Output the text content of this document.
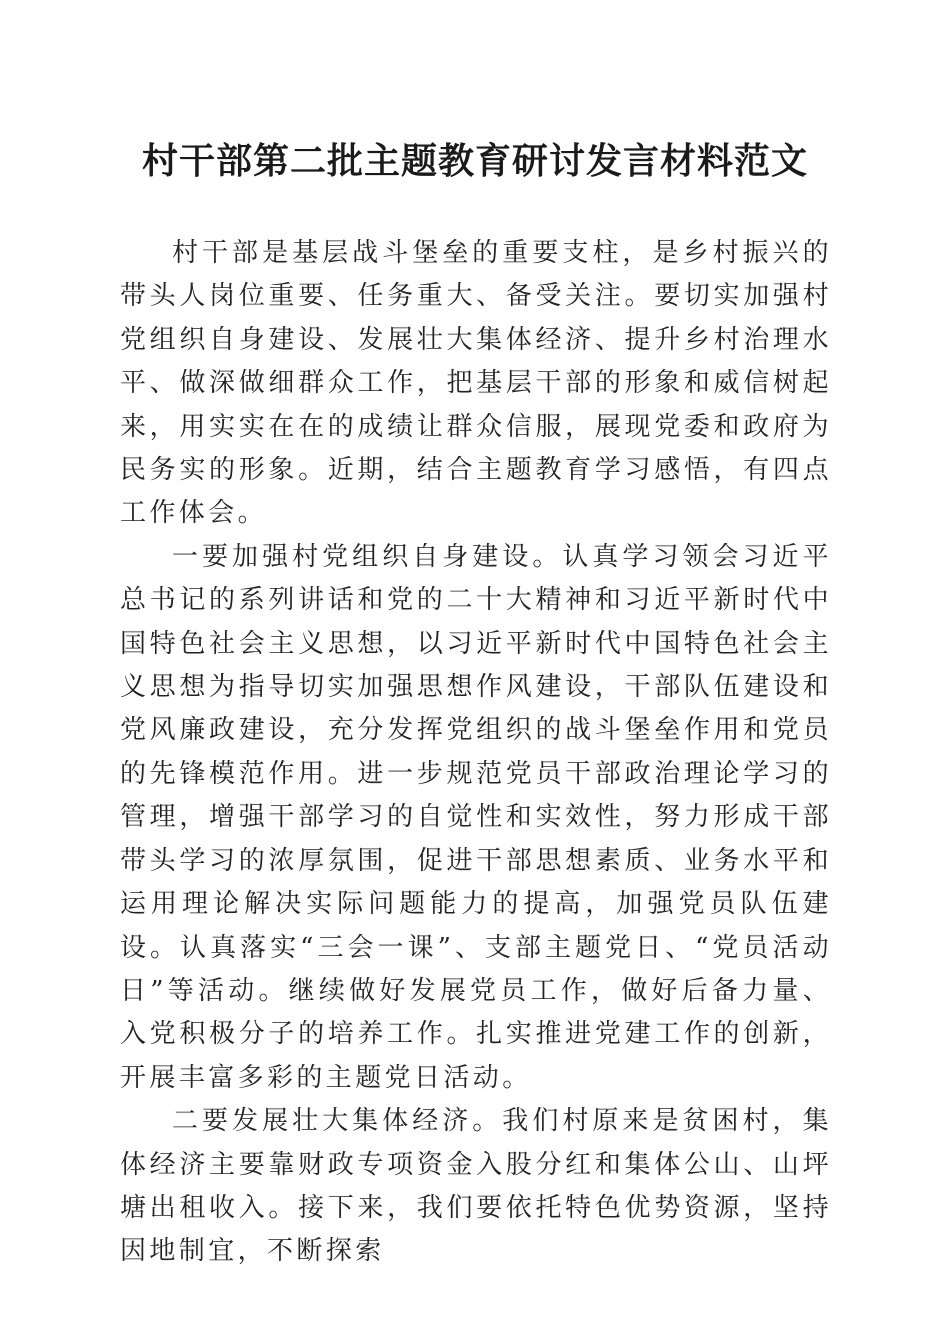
村干部第二批主题教育研讨发言材料范文

村干部是基层战斗堡垒的重要支柱，是乡村振兴的带头人岗位重要、任务重大、备受关注。要切实加强村党组织自身建设、发展壮大集体经济、提升乡村治理水平、做深做细群众工作，把基层干部的形象和威信树起来，用实实在在的成绩让群众信服，展现党委和政府为民务实的形象。近期，结合主题教育学习感悟，有四点工作体会。

一要加强村党组织自身建设。认真学习领会习近平总书记的系列讲话和党的二十大精神和习近平新时代中国特色社会主义思想，以习近平新时代中国特色社会主义思想为指导切实加强思想作风建设，干部队伍建设和党风廉政建设，充分发挥党组织的战斗堡垒作用和党员的先锋模范作用。进一步规范党员干部政治理论学习的管理，增强干部学习的自觉性和实效性，努力形成干部带头学习的浓厚氛围，促进干部思想素质、业务水平和运用理论解决实际问题能力的提高，加强党员队伍建设。认真落实“三会一课”、支部主题党日、“党员活动日”等活动。继续做好发展党员工作，做好后备力量、入党积极分子的培养工作。扎实推进党建工作的创新，开展丰富多彩的主题党日活动。

二要发展壮大集体经济。我们村原来是贫困村，集体经济主要靠财政专项资金入股分红和集体公山、山坪塘出租收入。接下来，我们要依托特色优势资源，坚持因地制宜，不断探索
